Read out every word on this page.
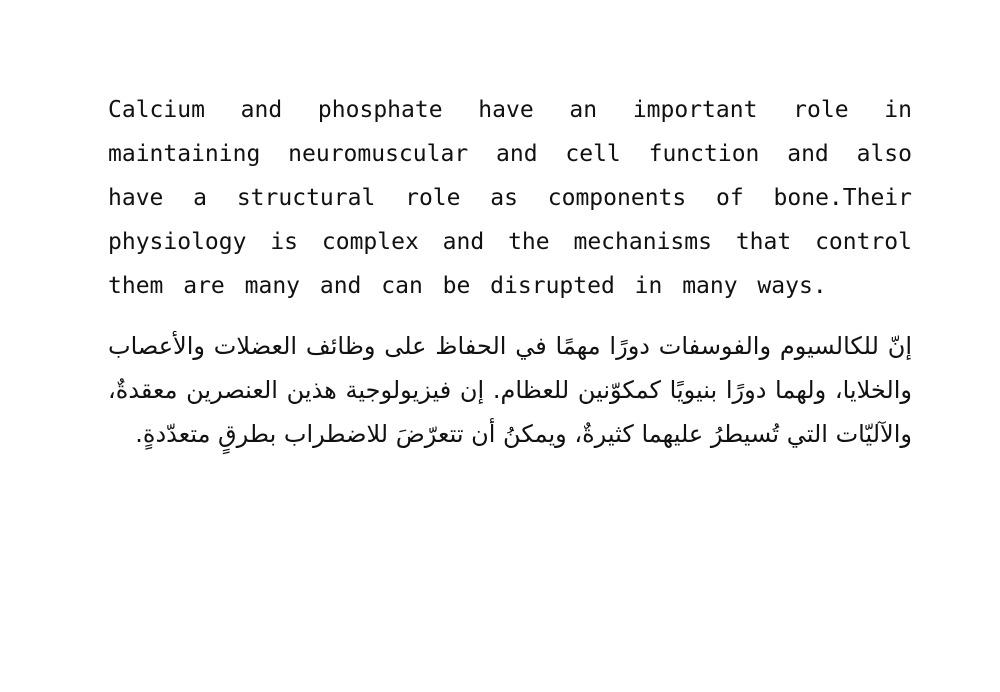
Calcium and phosphate have an important role in maintaining neuromuscular and cell function and also have a structural role as components of bone.Their physiology is complex and the mechanisms that control them are many and can be disrupted in many ways.

إنّ للكالسيوم والفوسفات دورًا مهمًا في الحفاظ على وظائف العضلات والأعصاب والخلايا، ولهما دورًا بنيويًا كمكوّنين للعظام. إن فيزيولوجية هذين العنصرين معقدةٌ، والآليّات التي تُسيطرُ عليهما كثيرةٌ، ويمكنُ أن تتعرّضَ للاضطراب بطرقٍ متعدّدةٍ.
